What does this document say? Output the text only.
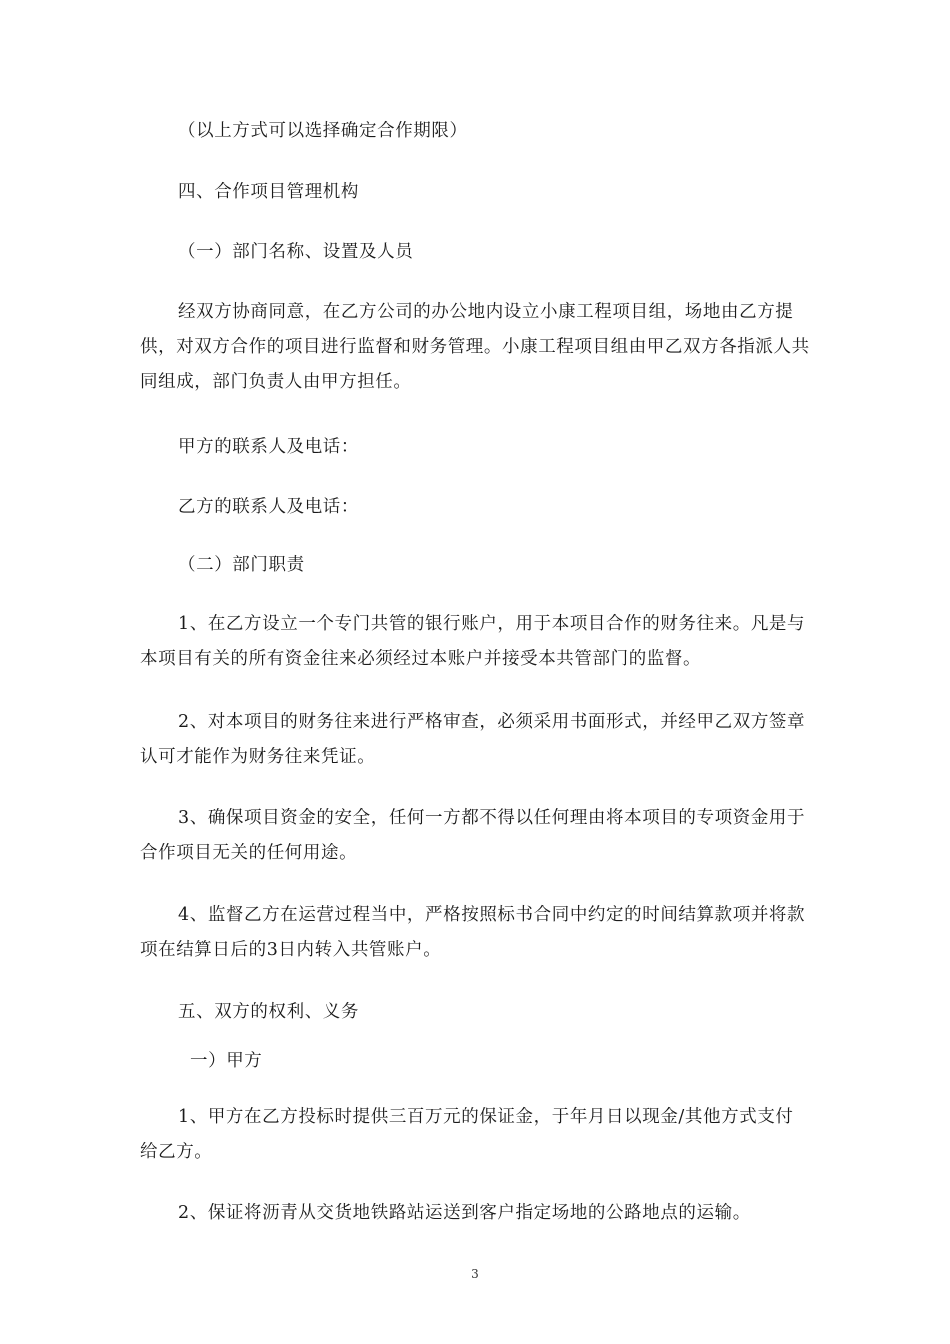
（以上方式可以选择确定合作期限）

四、合作项目管理机构

（一）部门名称、设置及人员

经双方协商同意，在乙方公司的办公地内设立小康工程项目组，场地由乙方提供，对双方合作的项目进行监督和财务管理。小康工程项目组由甲乙双方各指派人共同组成，部门负责人由甲方担任。

甲方的联系人及电话：

乙方的联系人及电话：

（二）部门职责

1、在乙方设立一个专门共管的银行账户，用于本项目合作的财务往来。凡是与本项目有关的所有资金往来必须经过本账户并接受本共管部门的监督。

2、对本项目的财务往来进行严格审查，必须采用书面形式，并经甲乙双方签章认可才能作为财务往来凭证。

3、确保项目资金的安全，任何一方都不得以任何理由将本项目的专项资金用于合作项目无关的任何用途。

4、监督乙方在运营过程当中，严格按照标书合同中约定的时间结算款项并将款项在结算日后的3日内转入共管账户。

五、双方的权利、义务

一）甲方

1、甲方在乙方投标时提供三百万元的保证金，于年月日以现金/其他方式支付给乙方。

2、保证将沥青从交货地铁路站运送到客户指定场地的公路地点的运输。

3
